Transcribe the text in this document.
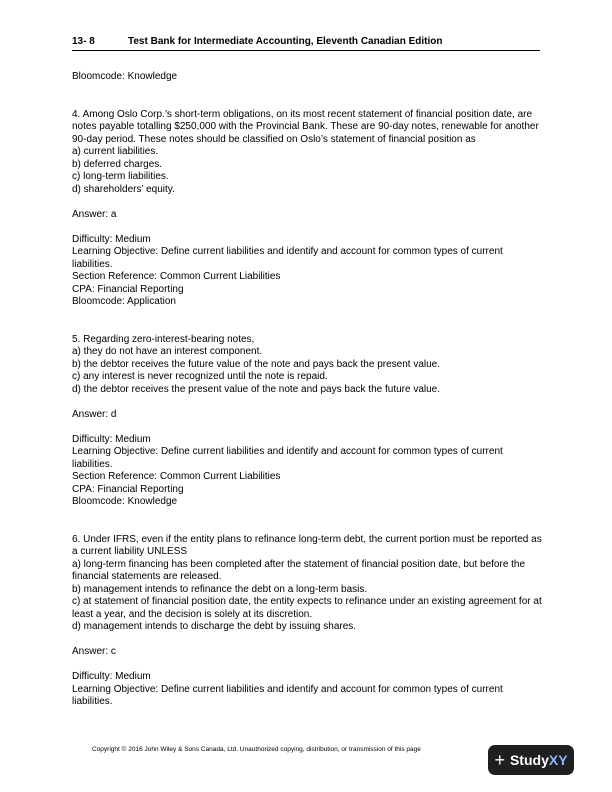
13- 8	Test Bank for Intermediate Accounting, Eleventh Canadian Edition

Bloomcode: Knowledge

4. Among Oslo Corp.’s short-term obligations, on its most recent statement of financial position date, are notes payable totalling $250,000 with the Provincial Bank. These are 90-day notes, renewable for another 90-day period. These notes should be classified on Oslo’s statement of financial position as

a) current liabilities.

b) deferred charges.

c) long-term liabilities.

d) shareholders’ equity.

Answer: a

Difficulty: Medium

Learning Objective: Define current liabilities and identify and account for common types of current liabilities.

Section Reference: Common Current Liabilities

CPA: Financial Reporting

Bloomcode: Application

5. Regarding zero-interest-bearing notes,

a) they do not have an interest component.

b) the debtor receives the future value of the note and pays back the present value.

c) any interest is never recognized until the note is repaid.

d) the debtor receives the present value of the note and pays back the future value.

Answer: d

Difficulty: Medium

Learning Objective: Define current liabilities and identify and account for common types of current liabilities.

Section Reference: Common Current Liabilities

CPA: Financial Reporting

Bloomcode: Knowledge

6. Under IFRS, even if the entity plans to refinance long-term debt, the current portion must be reported as a current liability UNLESS

a) long-term financing has been completed after the statement of financial position date, but before the financial statements are released.

b) management intends to refinance the debt on a long-term basis.

c) at statement of financial position date, the entity expects to refinance under an existing agreement for at least a year, and the decision is solely at its discretion.

d) management intends to discharge the debt by issuing shares.

Answer: c

Difficulty: Medium

Learning Objective: Define current liabilities and identify and account for common types of current liabilities.

Copyright © 2016 John Wiley & Sons Canada, Ltd. Unauthorized copying, distribution, or transmission of this page
+ StudyXY
